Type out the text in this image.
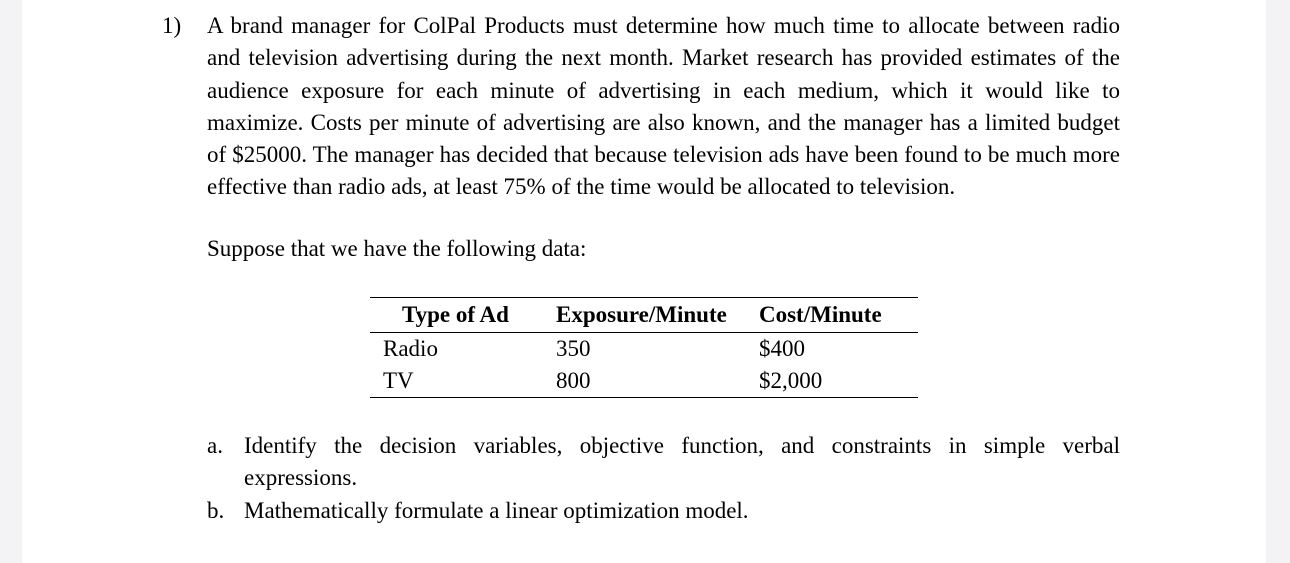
1) A brand manager for ColPal Products must determine how much time to allocate between radio and television advertising during the next month. Market research has provided estimates of the audience exposure for each minute of advertising in each medium, which it would like to maximize. Costs per minute of advertising are also known, and the manager has a limited budget of $25000. The manager has decided that because television ads have been found to be much more effective than radio ads, at least 75% of the time would be allocated to television.
Suppose that we have the following data:
Type of Ad	Exposure/Minute	Cost/Minute
Radio	350	$400
TV	800	$2,000
a. Identify the decision variables, objective function, and constraints in simple verbal expressions.
b. Mathematically formulate a linear optimization model.
